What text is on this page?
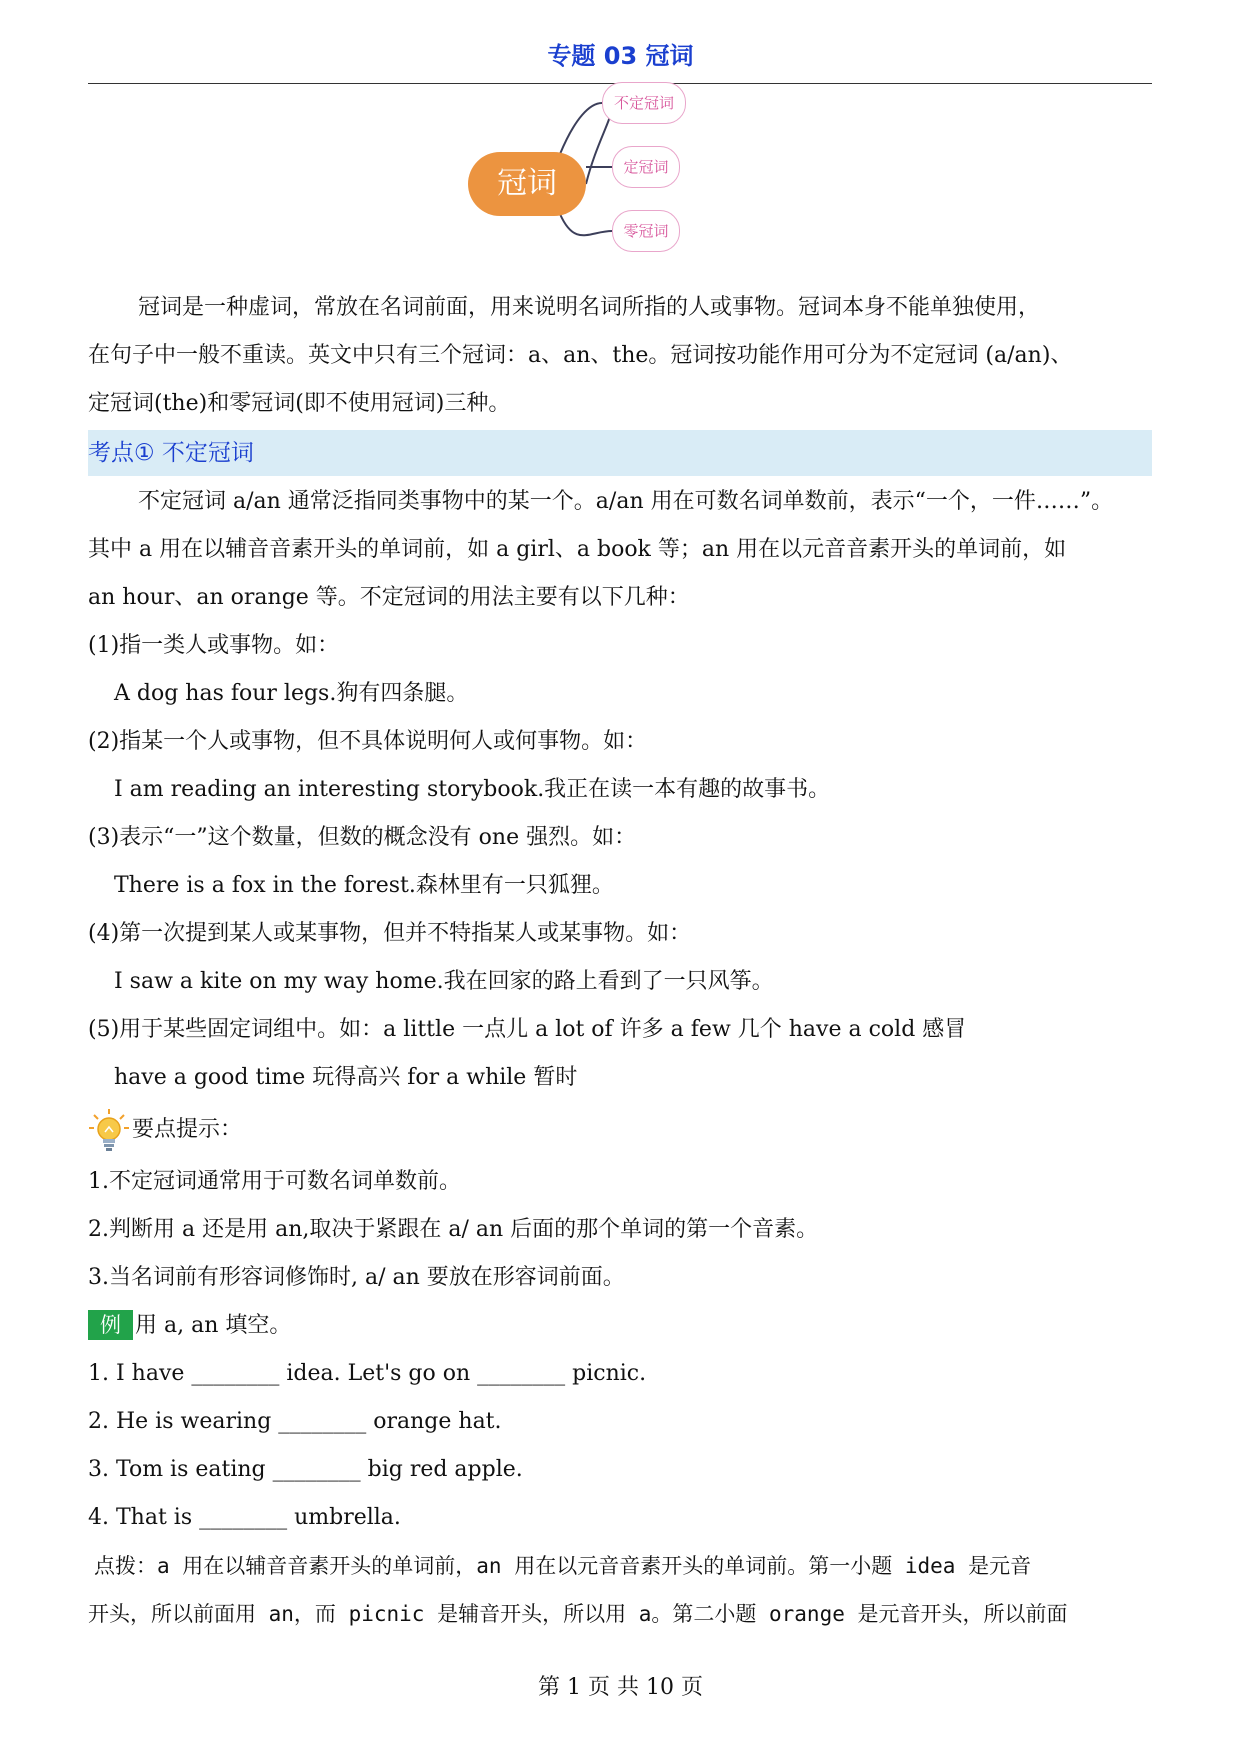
专题 03 冠词
冠词
不定冠词
定冠词
零冠词

冠词是一种虚词，常放在名词前面，用来说明名词所指的人或事物。冠词本身不能单独使用，

在句子中一般不重读。英文中只有三个冠词：a、an、the。冠词按功能作用可分为不定冠词 (a/an)、

定冠词(the)和零冠词(即不使用冠词)三种。

考点① 不定冠词

不定冠词 a/an 通常泛指同类事物中的某一个。a/an 用在可数名词单数前，表示“一个，一件……”。

其中 a 用在以辅音音素开头的单词前，如 a girl、a book 等；an 用在以元音音素开头的单词前，如

an hour、an orange 等。不定冠词的用法主要有以下几种：

(1)指一类人或事物。如：

A dog has four legs.狗有四条腿。

(2)指某一个人或事物，但不具体说明何人或何事物。如：

I am reading an interesting storybook.我正在读一本有趣的故事书。

(3)表示“一”这个数量，但数的概念没有 one 强烈。如：

There is a fox in the forest.森林里有一只狐狸。

(4)第一次提到某人或某事物，但并不特指某人或某事物。如：

I saw a kite on my way home.我在回家的路上看到了一只风筝。

(5)用于某些固定词组中。如：a little 一点儿 a lot of 许多 a few 几个 have a cold 感冒

have a good time 玩得高兴 for a while 暂时

要点提示：

1.不定冠词通常用于可数名词单数前。

2.判断用 a 还是用 an,取决于紧跟在 a/ an 后面的那个单词的第一个音素。

3.当名词前有形容词修饰时, a/ an 要放在形容词前面。

例 用 a, an 填空。

1. I have ________ idea. Let's go on ________ picnic.

2. He is wearing ________ orange hat.

3. Tom is eating ________ big red apple.

4. That is ________ umbrella.

点拨：a 用在以辅音音素开头的单词前，an 用在以元音音素开头的单词前。第一小题 idea 是元音

开头，所以前面用 an，而 picnic 是辅音开头，所以用 a。第二小题 orange 是元音开头，所以前面

第 1 页 共 10 页
